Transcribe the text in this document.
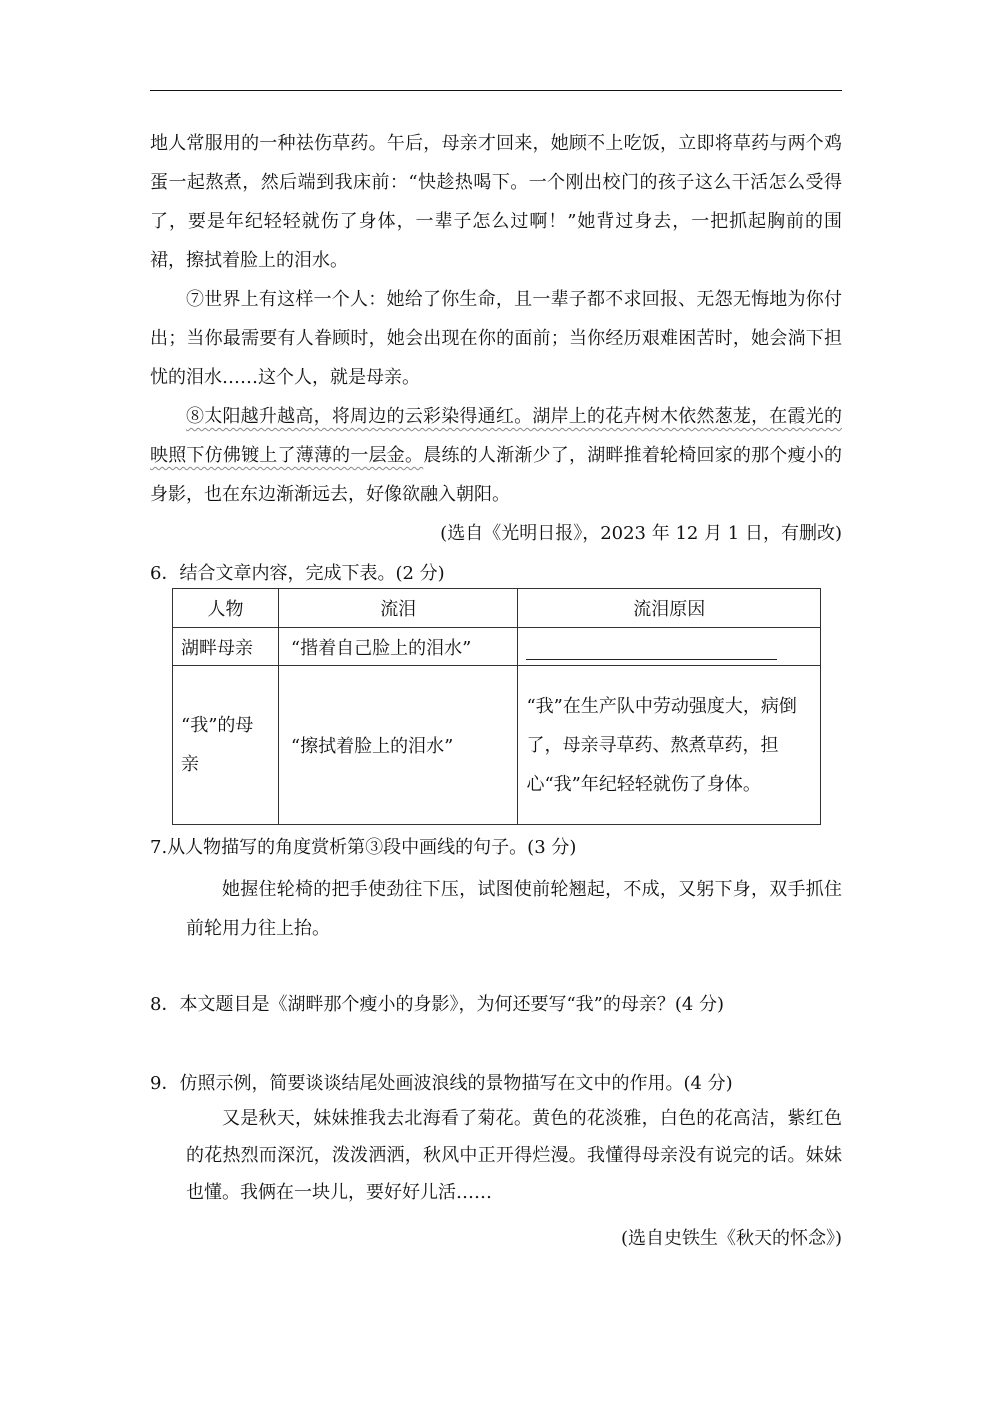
地人常服用的一种祛伤草药。午后，母亲才回来，她顾不上吃饭，立即将草药与两个鸡蛋一起熬煮，然后端到我床前：“快趁热喝下。一个刚出校门的孩子这么干活怎么受得了，要是年纪轻轻就伤了身体，一辈子怎么过啊！”她背过身去，一把抓起胸前的围裙，擦拭着脸上的泪水。
⑦世界上有这样一个人：她给了你生命，且一辈子都不求回报、无怨无悔地为你付出；当你最需要有人眷顾时，她会出现在你的面前；当你经历艰难困苦时，她会淌下担忧的泪水……这个人，就是母亲。
⑧太阳越升越高，将周边的云彩染得通红。湖岸上的花卉树木依然葱茏，在霞光的映照下仿佛镀上了薄薄的一层金。晨练的人渐渐少了，湖畔推着轮椅回家的那个瘦小的身影，也在东边渐渐远去，好像欲融入朝阳。
(选自《光明日报》，2023 年 12 月 1 日，有删改)
6．结合文章内容，完成下表。(2 分)
人物	流泪	流泪原因
湖畔母亲	“揩着自己脸上的泪水”	

“我”的母亲	“擦拭着脸上的泪水”	“我”在生产队中劳动强度大，病倒了，母亲寻草药、熬煮草药，担心“我”年纪轻轻就伤了身体。
7.从人物描写的角度赏析第③段中画线的句子。(3 分)
她握住轮椅的把手使劲往下压，试图使前轮翘起，不成，又躬下身，双手抓住前轮用力往上抬。
8．本文题目是《湖畔那个瘦小的身影》，为何还要写“我”的母亲？(4 分)
9．仿照示例，简要谈谈结尾处画波浪线的景物描写在文中的作用。(4 分)
又是秋天，妹妹推我去北海看了菊花。黄色的花淡雅，白色的花高洁，紫红色的花热烈而深沉，泼泼洒洒，秋风中正开得烂漫。我懂得母亲没有说完的话。妹妹也懂。我俩在一块儿，要好好儿活……
(选自史铁生《秋天的怀念》)
